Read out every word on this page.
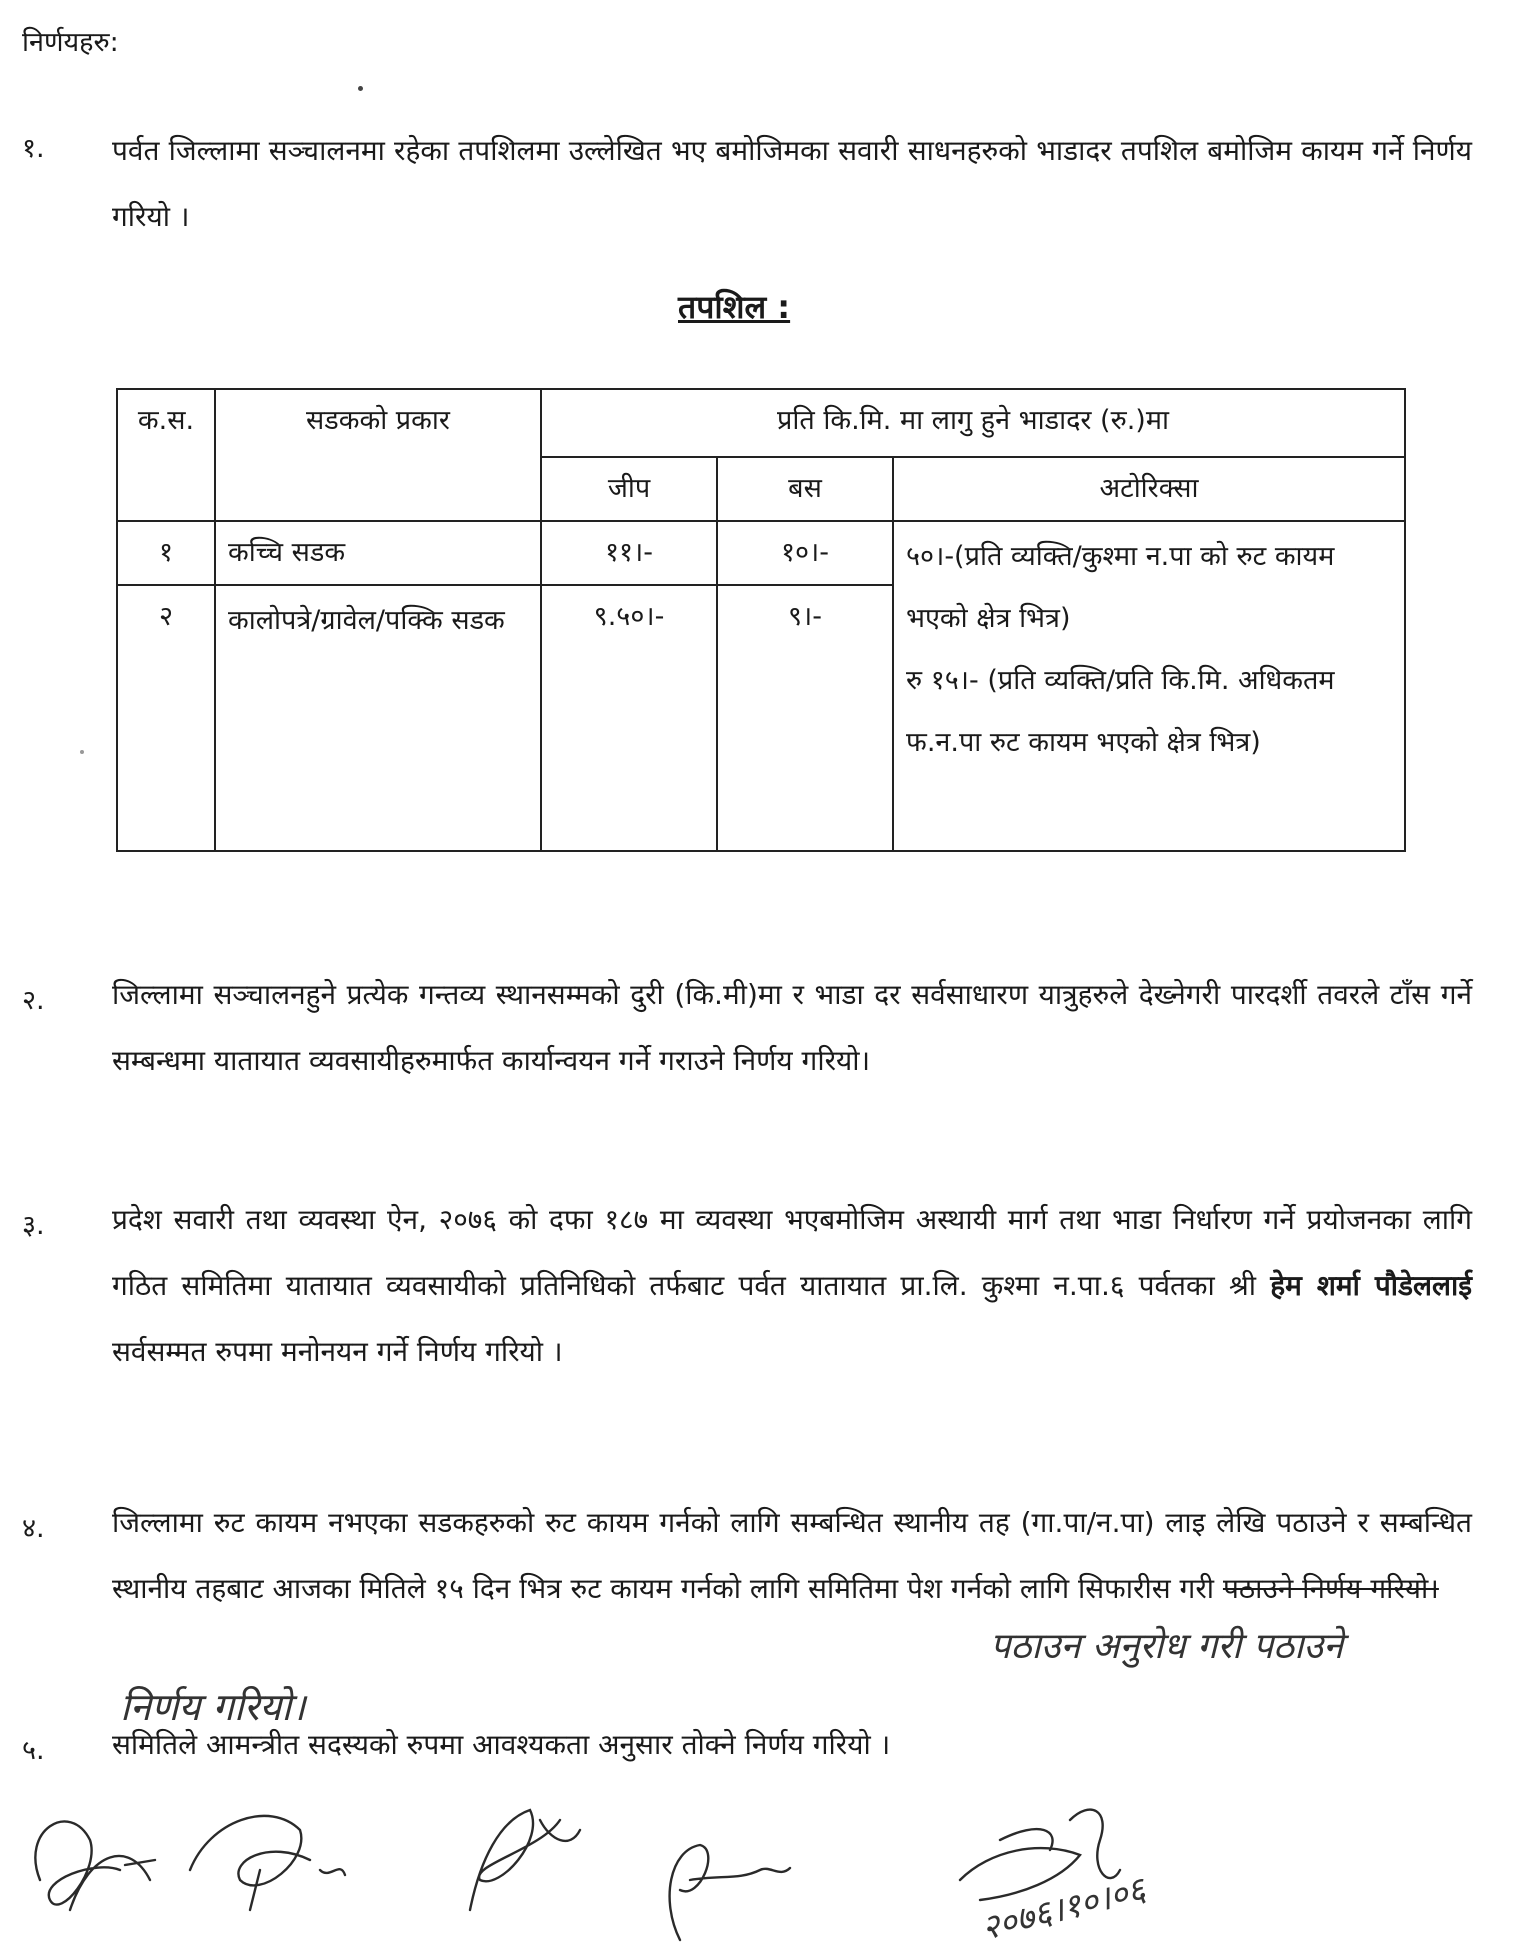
निर्णयहरु:
१. पर्वत जिल्लामा सञ्चालनमा रहेका तपशिलमा उल्लेखित भए बमोजिमका सवारी साधनहरुको भाडादर तपशिल बमोजिम कायम गर्ने निर्णय गरियो ।
तपशिल :
क.स.	सडकको प्रकार	प्रति कि.मि. मा लागु हुने भाडादर (रु.)मा		
		जीप	बस	अटोरिक्सा
१	कच्चि सडक	११।-	१०।-	५०।-(प्रति व्यक्ति/कुश्मा न.पा को रुट कायम भएको क्षेत्र भित्र)
रु १५।- (प्रति व्यक्ति/प्रति कि.मि. अधिकतम फ.न.पा रुट कायम भएको क्षेत्र भित्र)

२	कालोपत्रे/ग्रावेल/पक्कि सडक	९.५०।-	९।-	
२. जिल्लामा सञ्चालनहुने प्रत्येक गन्तव्य स्थानसम्मको दुरी (कि.मी)मा र भाडा दर सर्वसाधारण यात्रुहरुले देख्नेगरी पारदर्शी तवरले टाँस गर्ने सम्बन्धमा यातायात व्यवसायीहरुमार्फत कार्यान्वयन गर्ने गराउने निर्णय गरियो।
३. प्रदेश सवारी तथा व्यवस्था ऐन, २०७६ को दफा १८७ मा व्यवस्था भएबमोजिम अस्थायी मार्ग तथा भाडा निर्धारण गर्ने प्रयोजनका लागि गठित समितिमा यातायात व्यवसायीको प्रतिनिधिको तर्फबाट पर्वत यातायात प्रा.लि. कुश्मा न.पा.६ पर्वतका श्री हेम शर्मा पौडेललाई सर्वसम्मत रुपमा मनोनयन गर्ने निर्णय गरियो ।
४. जिल्लामा रुट कायम नभएका सडकहरुको रुट कायम गर्नको लागि सम्बन्धित स्थानीय तह (गा.पा/न.पा) लाइ लेखि पठाउने र सम्बन्धित स्थानीय तहबाट आजका मितिले १५ दिन भित्र रुट कायम गर्नको लागि समितिमा पेश गर्नको लागि सिफारीस गरी पठाउने निर्णय गरियो।
पठाउन अनुरोध गरी पठाउने
निर्णय गरियो।
५. समितिले आमन्त्रीत सदस्यको रुपमा आवश्यकता अनुसार तोक्ने निर्णय गरियो ।
२०७६।१०।०६
